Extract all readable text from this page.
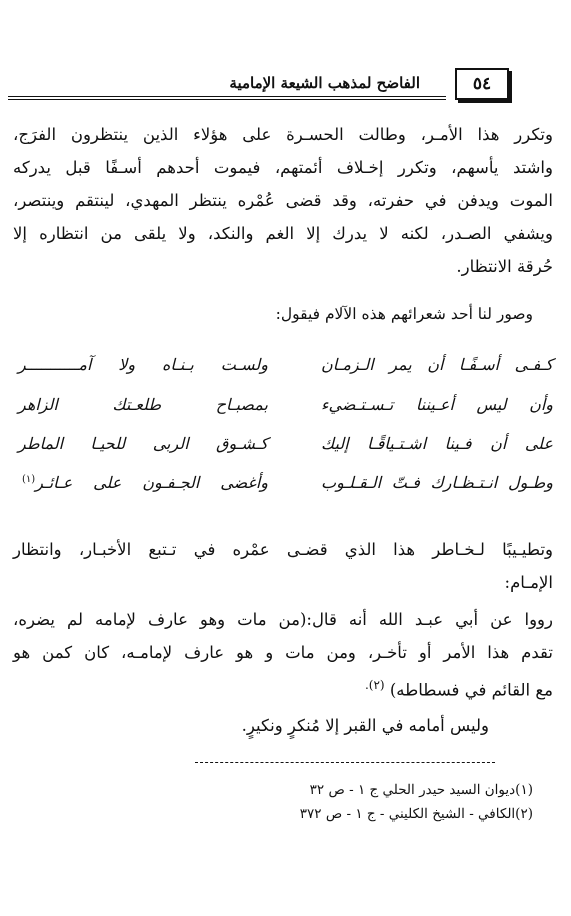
٥٤
الفاضح لمذهب الشيعة الإمامية
وتكرر هذا الأمـر، وطالت الحسـرة على هؤلاء الذين ينتظرون الفرَج،
واشتد يأسهم، وتكرر إخـلاف أئمتهم، فيموت أحدهم أسـفًا قبل يدركه
الموت ويدفن في حفرته، وقد قضى عُمْره ينتظر المهدي، لينتقم وينتصر،
ويشفي الصـدر، لكنه لا يدرك إلا الغم والنكد، ولا يلقى من انتظاره إلا
حُرقة الانتظار.
وصور لنا أحد شعرائهم هذه الآلام فيقول:
كـفـى أسـفًـا أن يمر الـزمـان
ولسـت بـنـاه ولا آمـــــــــــر
وأن ليس أعـيننا تـسـتـضيء
بمصبـاح طلعـتك الزاهر
على أن فـينا اشـتـياقًـا إليك
كـشـوق الربى للحيـا الماطر
وطـول انـتـظـارك فـتّ الـقـلـوب
وأغضى الجـفـون على عـائـر$^{(١)}$
وتطيـيبًا لـخـاطر هذا الذي قضـى عمْره في تـتبع الأخبـار، وانتظار
الإمـام:
رووا عن أبي عبـد الله أنه قال:(من مات وهو عارف لإمامه لم يضره،
تقدم هذا الأمر أو تأخـر، ومن مات و هو عارف لإمامـه، كان كمن هو
مع القائم في فسطاطه) $^{(٢).}$
وليس أمامه في القبر إلا مُنكرٍ ونكيرٍ.
(١)ديوان السيد حيدر الحلي ج ١ - ص ٣٢
(٢)الكافي - الشيخ الكليني - ج ١ - ص ٣٧٢
